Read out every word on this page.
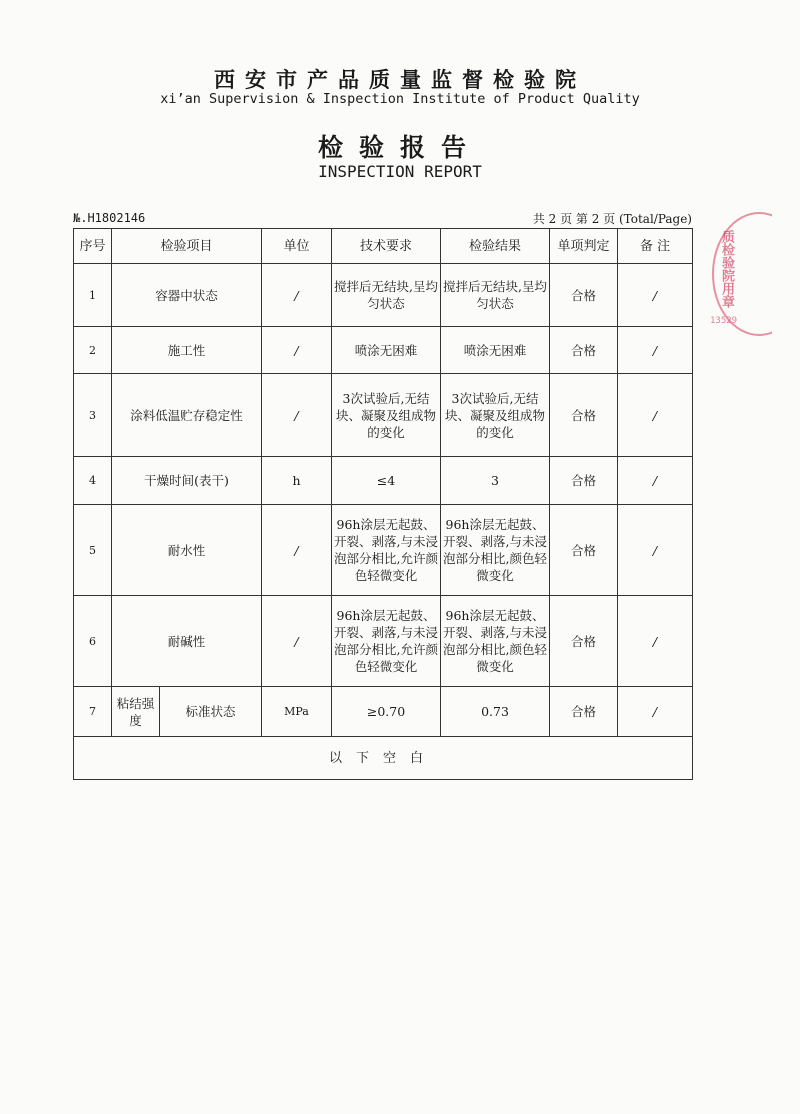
西安市产品质量监督检验院
xi’an Supervision & Inspection Institute of Product Quality
检验报告
INSPECTION REPORT
№.H1802146	共 2 页 第 2 页 (Total/Page)
序号	检验项目		单位	技术要求	检验结果	单项判定	备 注
1	容器中状态		/	搅拌后无结块,呈均匀状态	搅拌后无结块,呈均匀状态	合格	/
2	施工性		/	喷涂无困难	喷涂无困难	合格	/
3	涂料低温贮存稳定性		/	3次试验后,无结块、凝聚及组成物的变化	3次试验后,无结块、凝聚及组成物的变化	合格	/
4	干燥时间(表干)		h	≤4	3	合格	/
5	耐水性		/	96h涂层无起鼓、开裂、剥落,与未浸泡部分相比,允许颜色轻微变化	96h涂层无起鼓、开裂、剥落,与未浸泡部分相比,颜色轻微变化	合格	/
6	耐碱性		/	96h涂层无起鼓、开裂、剥落,与未浸泡部分相比,允许颜色轻微变化	96h涂层无起鼓、开裂、剥落,与未浸泡部分相比,颜色轻微变化	合格	/
7	粘结强度	标准状态	MPa	≥0.70	0.73	合格	/
以下空白							
质检验院用章
13529
